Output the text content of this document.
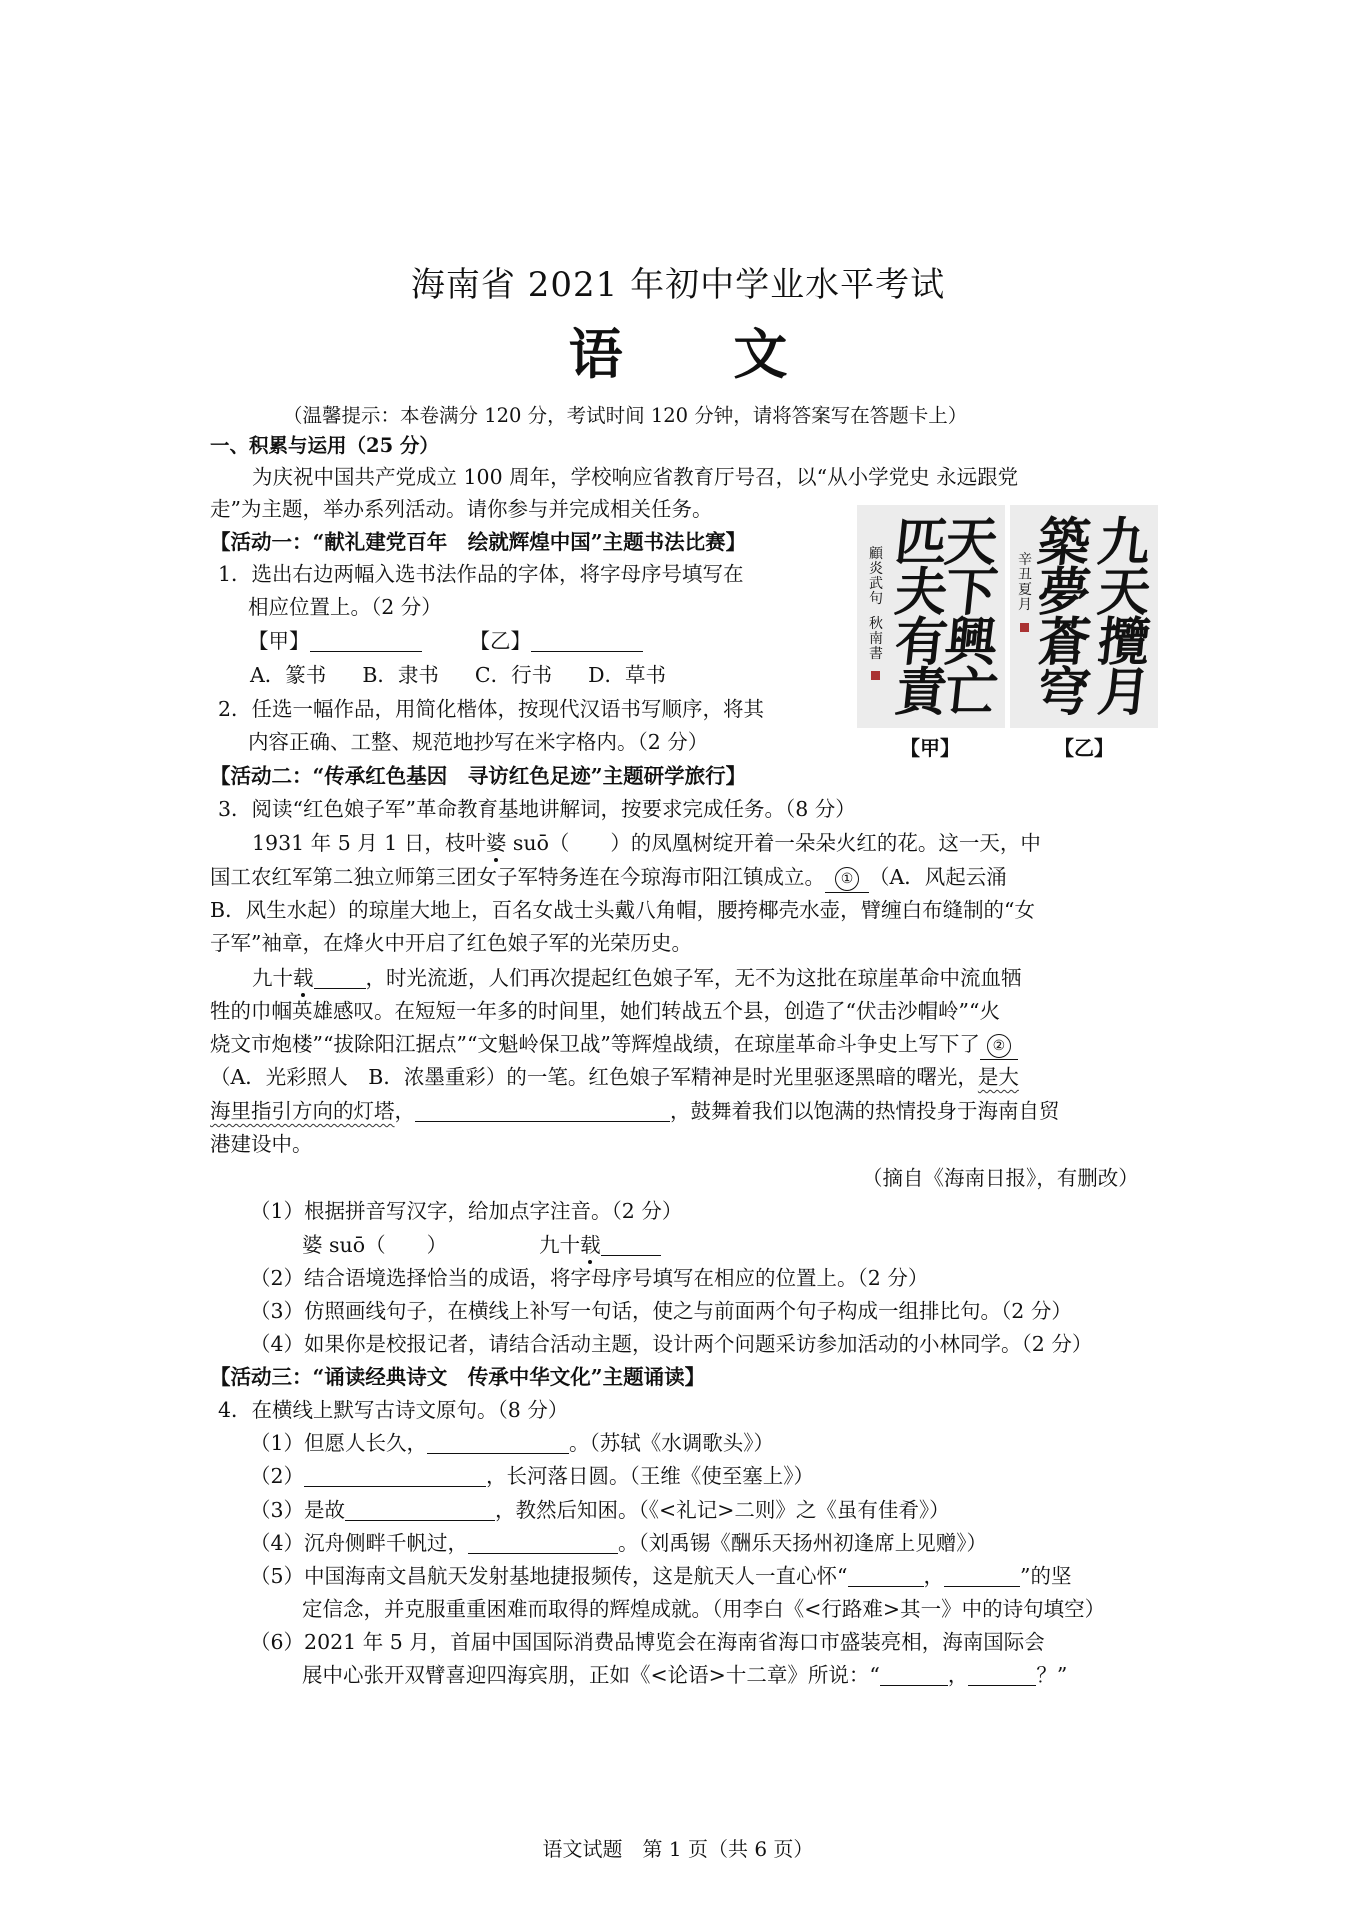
海南省 2021 年初中学业水平考试
语 文
（温馨提示：本卷满分 120 分，考试时间 120 分钟，请将答案写在答题卡上）
一、积累与运用（25 分）
为庆祝中国共产党成立 100 周年，学校响应省教育厅号召，以“从小学党史 永远跟党
走”为主题，举办系列活动。请你参与并完成相关任务。
【活动一：“献礼建党百年　绘就辉煌中国”主题书法比赛】
1．选出右边两幅入选书法作品的字体，将字母序号填写在
相应位置上。（2 分）
【甲】	【乙】
A．篆书 B．隶书 C．行书 D．草书
2．任选一幅作品，用简化楷体，按现代汉语书写顺序，将其
内容正确、工整、规范地抄写在米字格内。（2 分）
天
下
興
亡
匹
夫
有
責
顧炎武句
秋南書
九
天
攬
月
築
夢
蒼
穹
辛丑夏月
【甲】	【乙】
【活动二：“传承红色基因　寻访红色足迹”主题研学旅行】
3．阅读“红色娘子军”革命教育基地讲解词，按要求完成任务。（8 分）
1931 年 5 月 1 日，枝叶婆 suō（　　）的凤凰树绽开着一朵朵火红的花。这一天，中
国工农红军第二独立师第三团女子军特务连在今琼海市阳江镇成立。 ① （A．风起云涌
B．风生水起）的琼崖大地上，百名女战士头戴八角帽，腰挎椰壳水壶，臂缠白布缝制的“女
子军”袖章，在烽火中开启了红色娘子军的光荣历史。
九十载	，时光流逝，人们再次提起红色娘子军，无不为这批在琼崖革命中流血牺
牲的巾帼英雄感叹。在短短一年多的时间里，她们转战五个县，创造了“伏击沙帽岭”“火
烧文市炮楼”“拔除阳江据点”“文魁岭保卫战”等辉煌战绩，在琼崖革命斗争史上写下了 ②
（A．光彩照人　B．浓墨重彩）的一笔。红色娘子军精神是时光里驱逐黑暗的曙光，是大
海里指引方向的灯塔，	，鼓舞着我们以饱满的热情投身于海南自贸
港建设中。
（摘自《海南日报》，有删改）
（1）根据拼音写汉字，给加点字注音。（2 分）
婆 suō（　　）	九十载
（2）结合语境选择恰当的成语，将字母序号填写在相应的位置上。（2 分）
（3）仿照画线句子，在横线上补写一句话，使之与前面两个句子构成一组排比句。（2 分）
（4）如果你是校报记者，请结合活动主题，设计两个问题采访参加活动的小林同学。（2 分）
【活动三：“诵读经典诗文　传承中华文化”主题诵读】
4．在横线上默写古诗文原句。（8 分）
（1）但愿人长久，	。（苏轼《水调歌头》）
（2）	，长河落日圆。（王维《使至塞上》）
（3）是故	，教然后知困。（《<礼记>二则》之《虽有佳肴》）
（4）沉舟侧畔千帆过，	。（刘禹锡《酬乐天扬州初逢席上见赠》）
（5）中国海南文昌航天发射基地捷报频传，这是航天人一直心怀“	，	”的坚
定信念，并克服重重困难而取得的辉煌成就。（用李白《<行路难>其一》中的诗句填空）
（6）2021 年 5 月，首届中国国际消费品博览会在海南省海口市盛装亮相，海南国际会
展中心张开双臂喜迎四海宾朋，正如《<论语>十二章》所说：“	，	？”
语文试题　第 1 页（共 6 页）
